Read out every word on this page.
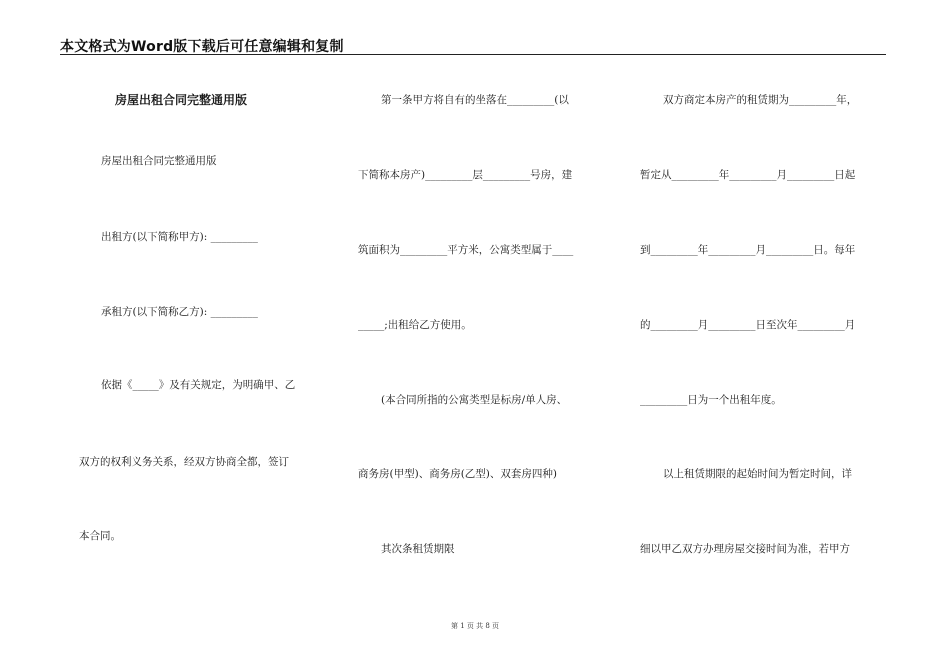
本文格式为Word版下载后可任意编辑和复制
房屋出租合同完整通用版
房屋出租合同完整通用版
出租方(以下简称甲方): _________
承租方(以下简称乙方): _________
依据《_____》及有关规定，为明确甲、乙
双方的权利义务关系，经双方协商全都，签订
本合同。
第一条甲方将自有的坐落在_________(以
下简称本房产)_________层_________号房，建
筑面积为_________平方米，公寓类型属于____
_____;出租给乙方使用。
(本合同所指的公寓类型是标房/单人房、
商务房(甲型)、商务房(乙型)、双套房四种)
其次条租赁期限
双方商定本房产的租赁期为_________年，
暂定从_________年_________月_________日起
到_________年_________月_________日。每年
的_________月_________日至次年_________月
_________日为一个出租年度。
以上租赁期限的起始时间为暂定时间，详
细以甲乙双方办理房屋交接时间为准，若甲方
第 1 页 共 8 页
